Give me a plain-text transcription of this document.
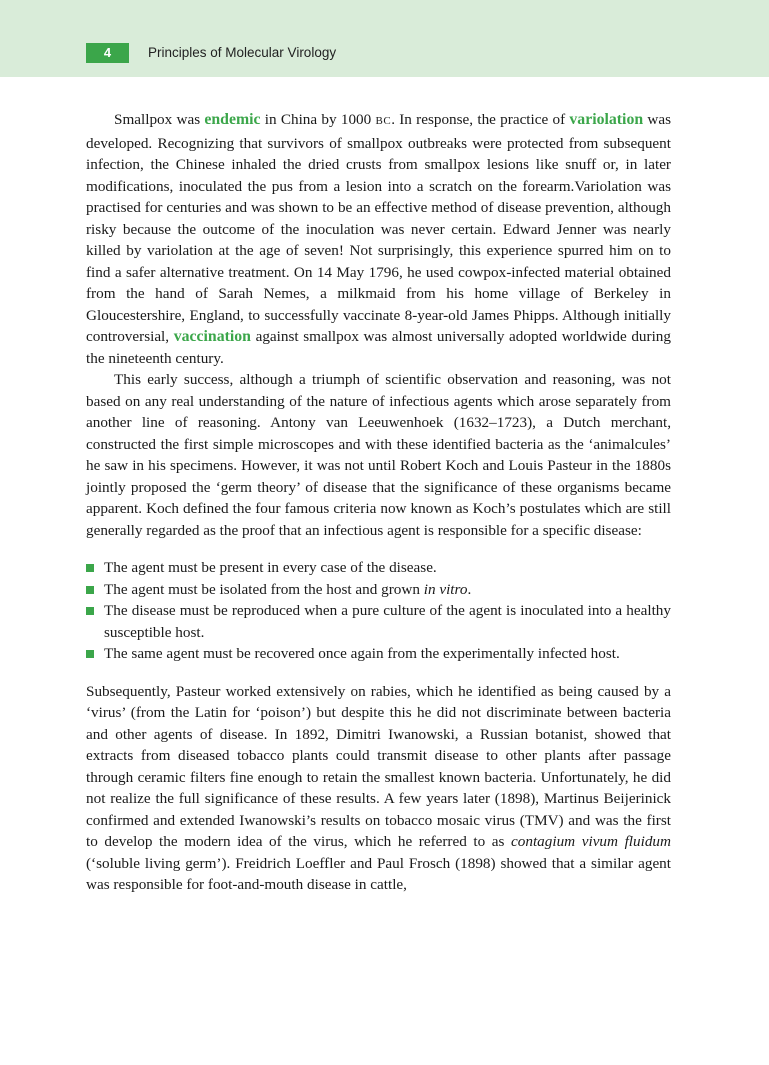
4	Principles of Molecular Virology

Smallpox was endemic in China by 1000 BC. In response, the practice of variolation was developed. Recognizing that survivors of smallpox outbreaks were protected from subsequent infection, the Chinese inhaled the dried crusts from smallpox lesions like snuff or, in later modifications, inoculated the pus from a lesion into a scratch on the forearm.Variolation was practised for centuries and was shown to be an effective method of disease prevention, although risky because the outcome of the inoculation was never certain. Edward Jenner was nearly killed by variolation at the age of seven! Not surprisingly, this experience spurred him on to find a safer alternative treatment. On 14 May 1796, he used cowpox-infected material obtained from the hand of Sarah Nemes, a milkmaid from his home village of Berkeley in Gloucestershire, England, to successfully vaccinate 8-year-old James Phipps. Although initially controversial, vaccination against smallpox was almost universally adopted worldwide during the nineteenth century.

This early success, although a triumph of scientific observation and reasoning, was not based on any real understanding of the nature of infectious agents which arose separately from another line of reasoning. Antony van Leeuwenhoek (1632–1723), a Dutch merchant, constructed the first simple microscopes and with these identified bacteria as the ‘animalcules’ he saw in his specimens. However, it was not until Robert Koch and Louis Pasteur in the 1880s jointly proposed the ‘germ theory’ of disease that the significance of these organisms became apparent. Koch defined the four famous criteria now known as Koch’s postulates which are still generally regarded as the proof that an infectious agent is responsible for a specific disease:

The agent must be present in every case of the disease.
The agent must be isolated from the host and grown in vitro.
The disease must be reproduced when a pure culture of the agent is inoculated into a healthy susceptible host.
The same agent must be recovered once again from the experimentally infected host.

Subsequently, Pasteur worked extensively on rabies, which he identified as being caused by a ‘virus’ (from the Latin for ‘poison’) but despite this he did not discriminate between bacteria and other agents of disease. In 1892, Dimitri Iwanowski, a Russian botanist, showed that extracts from diseased tobacco plants could transmit disease to other plants after passage through ceramic filters fine enough to retain the smallest known bacteria. Unfortunately, he did not realize the full significance of these results. A few years later (1898), Martinus Beijerinick confirmed and extended Iwanowski’s results on tobacco mosaic virus (TMV) and was the first to develop the modern idea of the virus, which he referred to as contagium vivum fluidum (‘soluble living germ’). Freidrich Loeffler and Paul Frosch (1898) showed that a similar agent was responsible for foot-and-mouth disease in cattle,
